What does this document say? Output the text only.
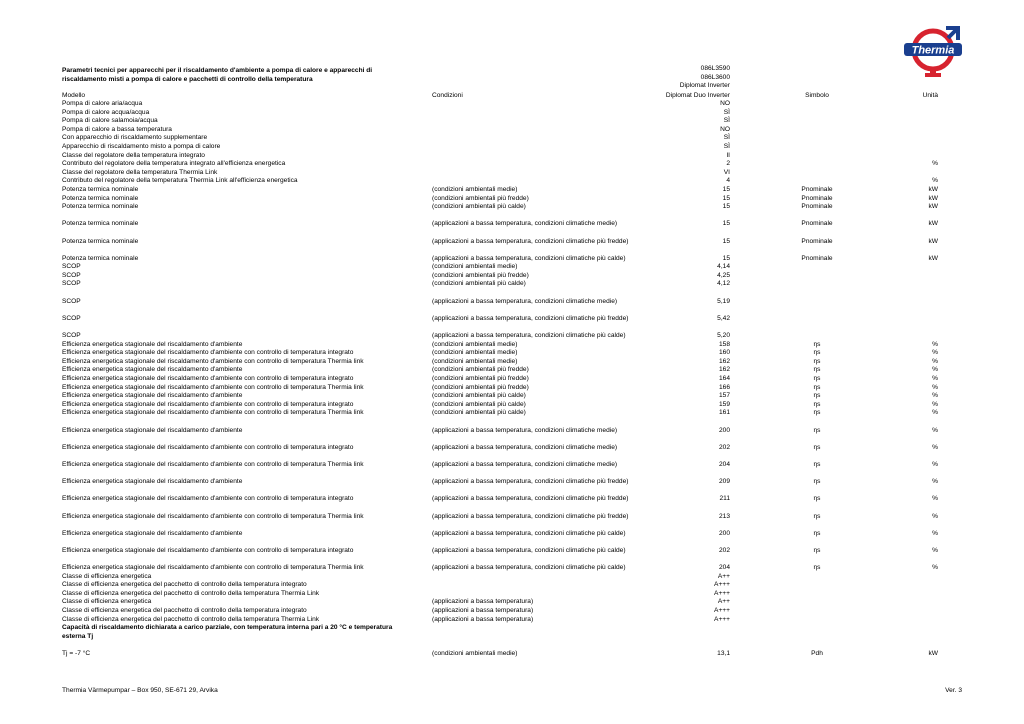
Thermia
Parametri tecnici per apparecchi per il riscaldamento d'ambiente a pompa di calore e apparecchi di riscaldamento misti a pompa di calore e pacchetti di controllo della temperatura
086L3590
086L3600
Diplomat Inverter
Modello	Condizioni	Diplomat Duo Inverter	Simbolo	Unità
Pompa di calore aria/acqua	NO
Pompa di calore acqua/acqua	SÌ
Pompa di calore salamoia/acqua	SÌ
Pompa di calore a bassa temperatura	NO
Con apparecchio di riscaldamento supplementare	SÌ
Apparecchio di riscaldamento misto a pompa di calore	SÌ
Classe del regolatore della temperatura integrato	II
Contributo del regolatore della temperatura integrato all'efficienza energetica	2	%
Classe del regolatore della temperatura Thermia Link	VI
Contributo del regolatore della temperatura Thermia Link all'efficienza energetica	4	%
Potenza termica nominale	(condizioni ambientali medie)	15	Pnominale	kW
Potenza termica nominale	(condizioni ambientali più fredde)	15	Pnominale	kW
Potenza termica nominale	(condizioni ambientali più calde)	15	Pnominale	kW
Potenza termica nominale	(applicazioni a bassa temperatura, condizioni climatiche medie)	15	Pnominale	kW
Potenza termica nominale	(applicazioni a bassa temperatura, condizioni climatiche più fredde)	15	Pnominale	kW
Potenza termica nominale	(applicazioni a bassa temperatura, condizioni climatiche più calde)	15	Pnominale	kW
SCOP	(condizioni ambientali medie)	4,14
SCOP	(condizioni ambientali più fredde)	4,25
SCOP	(condizioni ambientali più calde)	4,12
SCOP	(applicazioni a bassa temperatura, condizioni climatiche medie)	5,19
SCOP	(applicazioni a bassa temperatura, condizioni climatiche più fredde)	5,42
SCOP	(applicazioni a bassa temperatura, condizioni climatiche più calde)	5,20
Efficienza energetica stagionale del riscaldamento d'ambiente	(condizioni ambientali medie)	158	ηs	%
Efficienza energetica stagionale del riscaldamento d'ambiente con controllo di temperatura integrato	(condizioni ambientali medie)	160	ηs	%
Efficienza energetica stagionale del riscaldamento d'ambiente con controllo di temperatura Thermia link	(condizioni ambientali medie)	162	ηs	%
Efficienza energetica stagionale del riscaldamento d'ambiente	(condizioni ambientali più fredde)	162	ηs	%
Efficienza energetica stagionale del riscaldamento d'ambiente con controllo di temperatura integrato	(condizioni ambientali più fredde)	164	ηs	%
Efficienza energetica stagionale del riscaldamento d'ambiente con controllo di temperatura Thermia link	(condizioni ambientali più fredde)	166	ηs	%
Efficienza energetica stagionale del riscaldamento d'ambiente	(condizioni ambientali più calde)	157	ηs	%
Efficienza energetica stagionale del riscaldamento d'ambiente con controllo di temperatura integrato	(condizioni ambientali più calde)	159	ηs	%
Efficienza energetica stagionale del riscaldamento d'ambiente con controllo di temperatura Thermia link	(condizioni ambientali più calde)	161	ηs	%
Efficienza energetica stagionale del riscaldamento d'ambiente	(applicazioni a bassa temperatura, condizioni climatiche medie)	200	ηs	%
Efficienza energetica stagionale del riscaldamento d'ambiente con controllo di temperatura integrato	(applicazioni a bassa temperatura, condizioni climatiche medie)	202	ηs	%
Efficienza energetica stagionale del riscaldamento d'ambiente con controllo di temperatura Thermia link	(applicazioni a bassa temperatura, condizioni climatiche medie)	204	ηs	%
Efficienza energetica stagionale del riscaldamento d'ambiente	(applicazioni a bassa temperatura, condizioni climatiche più fredde)	209	ηs	%
Efficienza energetica stagionale del riscaldamento d'ambiente con controllo di temperatura integrato	(applicazioni a bassa temperatura, condizioni climatiche più fredde)	211	ηs	%
Efficienza energetica stagionale del riscaldamento d'ambiente con controllo di temperatura Thermia link	(applicazioni a bassa temperatura, condizioni climatiche più fredde)	213	ηs	%
Efficienza energetica stagionale del riscaldamento d'ambiente	(applicazioni a bassa temperatura, condizioni climatiche più calde)	200	ηs	%
Efficienza energetica stagionale del riscaldamento d'ambiente con controllo di temperatura integrato	(applicazioni a bassa temperatura, condizioni climatiche più calde)	202	ηs	%
Efficienza energetica stagionale del riscaldamento d'ambiente con controllo di temperatura Thermia link	(applicazioni a bassa temperatura, condizioni climatiche più calde)	204	ηs	%
Classe di efficienza energetica	A++
Classe di efficienza energetica del pacchetto di controllo della temperatura integrato	A+++
Classe di efficienza energetica del pacchetto di controllo della temperatura Thermia Link	A+++
Classe di efficienza energetica	(applicazioni a bassa temperatura)	A++
Classe di efficienza energetica del pacchetto di controllo della temperatura integrato	(applicazioni a bassa temperatura)	A+++
Classe di efficienza energetica del pacchetto di controllo della temperatura Thermia Link	(applicazioni a bassa temperatura)	A+++
Capacità di riscaldamento dichiarata a carico parziale, con temperatura interna pari a 20 °C e temperatura esterna Tj
Tj = -7 °C	(condizioni ambientali medie)	13,1	Pdh	kW
Thermia Värmepumpar – Box 950, SE-671 29, Arvika	Ver. 3
